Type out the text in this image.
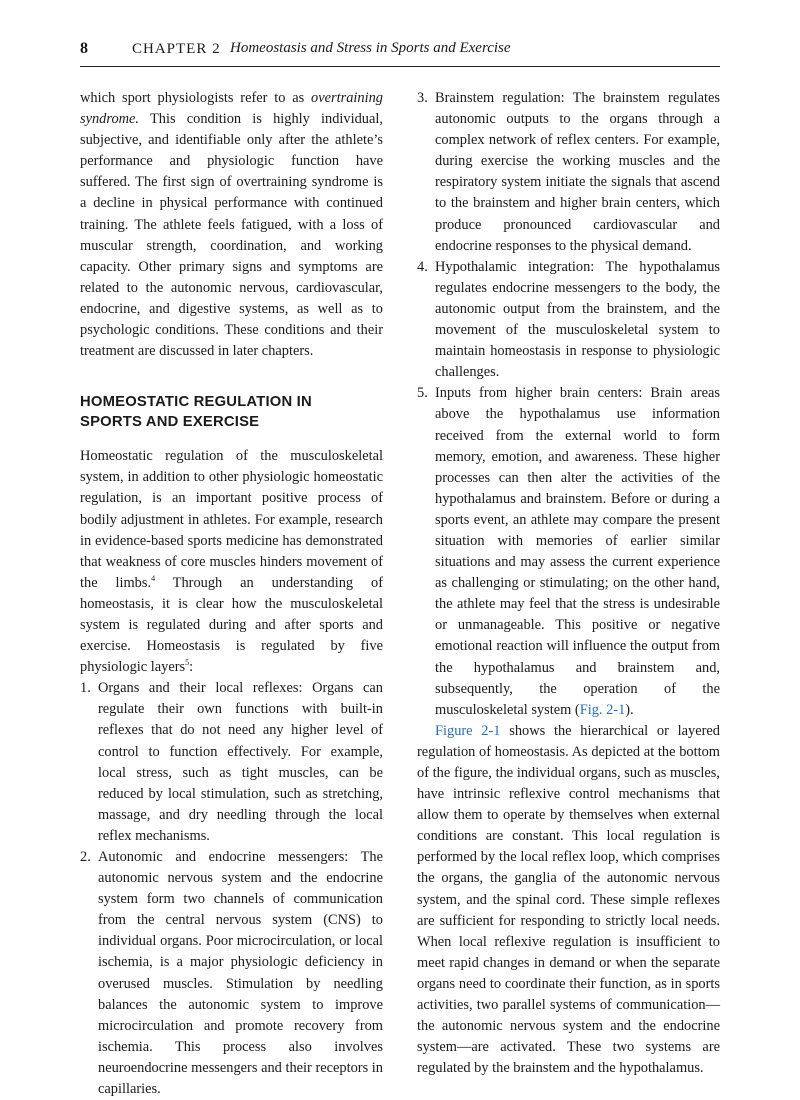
8	CHAPTER 2 Homeostasis and Stress in Sports and Exercise

which sport physiologists refer to as overtraining syndrome. This condition is highly individual, subjective, and identifiable only after the athlete’s performance and physiologic function have suffered. The first sign of overtraining syndrome is a decline in physical performance with continued training. The athlete feels fatigued, with a loss of muscular strength, coordination, and working capacity. Other primary signs and symptoms are related to the autonomic nervous, cardiovascular, endocrine, and digestive systems, as well as to psychologic conditions. These conditions and their treatment are discussed in later chapters.

HOMEOSTATIC REGULATION IN
SPORTS AND EXERCISE

Homeostatic regulation of the musculoskeletal system, in addition to other physiologic homeostatic regulation, is an important positive process of bodily adjustment in athletes. For example, research in evidence-based sports medicine has demonstrated that weakness of core muscles hinders movement of the limbs.$^4$ Through an understanding of homeostasis, it is clear how the musculoskeletal system is regulated during and after sports and exercise. Homeostasis is regulated by five physiologic layers$^5$:

1. Organs and their local reflexes: Organs can regulate their own functions with built-in reflexes that do not need any higher level of control to function effectively. For example, local stress, such as tight muscles, can be reduced by local stimulation, such as stretching, massage, and dry needling through the local reflex mechanisms.
2. Autonomic and endocrine messengers: The autonomic nervous system and the endocrine system form two channels of communication from the central nervous system (CNS) to individual organs. Poor microcirculation, or local ischemia, is a major physiologic deficiency in overused muscles. Stimulation by needling balances the autonomic system to improve microcirculation and promote recovery from ischemia. This process also involves neuroendocrine messengers and their receptors in capillaries.
3. Brainstem regulation: The brainstem regulates autonomic outputs to the organs through a complex network of reflex centers. For example, during exercise the working muscles and the respiratory system initiate the signals that ascend to the brainstem and higher brain centers, which produce pronounced cardiovascular and endocrine responses to the physical demand.
4. Hypothalamic integration: The hypothalamus regulates endocrine messengers to the body, the autonomic output from the brainstem, and the movement of the musculoskeletal system to maintain homeostasis in response to physiologic challenges.
5. Inputs from higher brain centers: Brain areas above the hypothalamus use information received from the external world to form memory, emotion, and awareness. These higher processes can then alter the activities of the hypothalamus and brainstem. Before or during a sports event, an athlete may compare the present situation with memories of earlier similar situations and may assess the current experience as challenging or stimulating; on the other hand, the athlete may feel that the stress is undesirable or unmanageable. This positive or negative emotional reaction will influence the output from the hypothalamus and brainstem and, subsequently, the operation of the musculoskeletal system (Fig. 2-1).

Figure 2-1 shows the hierarchical or layered regulation of homeostasis. As depicted at the bottom of the figure, the individual organs, such as muscles, have intrinsic reflexive control mechanisms that allow them to operate by themselves when external conditions are constant. This local regulation is performed by the local reflex loop, which comprises the organs, the ganglia of the autonomic nervous system, and the spinal cord. These simple reflexes are sufficient for responding to strictly local needs. When local reflexive regulation is insufficient to meet rapid changes in demand or when the separate organs need to coordinate their function, as in sports activities, two parallel systems of communication—the autonomic nervous system and the endocrine system—are activated. These two systems are regulated by the brainstem and the hypothalamus.
